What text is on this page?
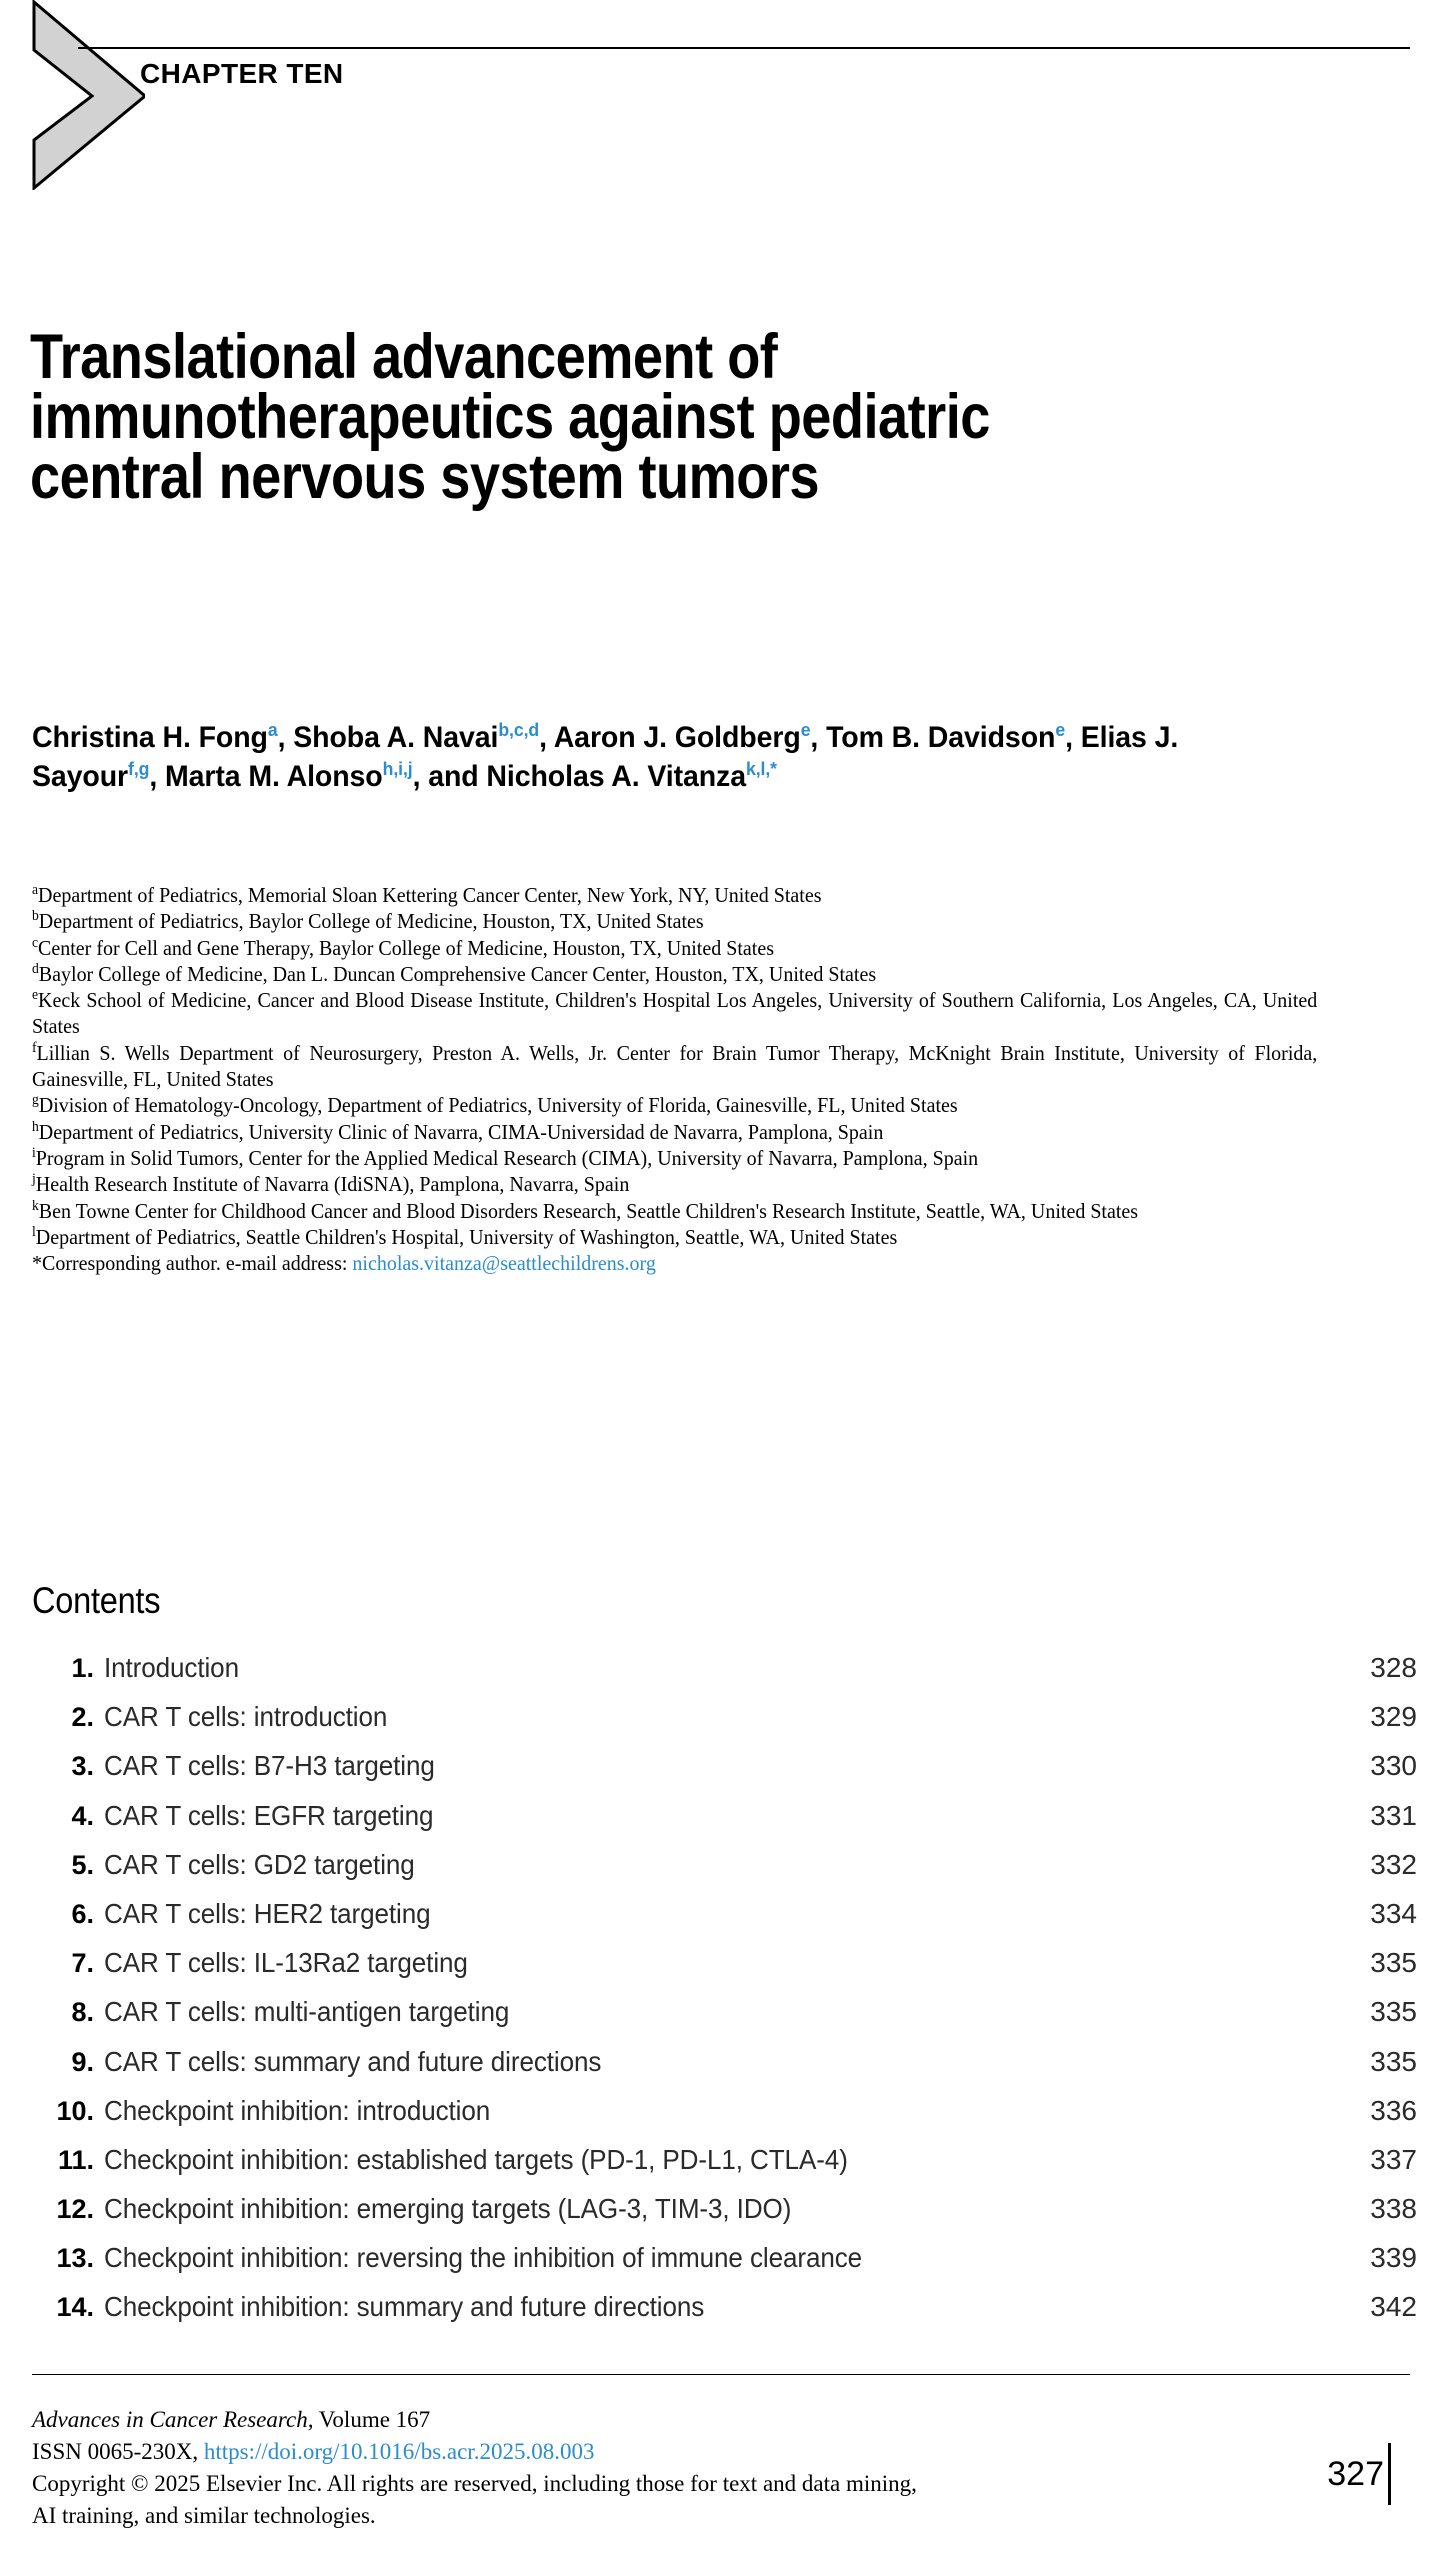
CHAPTER TEN
Translational advancement of immunotherapeutics against pediatric central nervous system tumors
Christina H. Fong$^a$, Shoba A. Navai$^{b,c,d}$, Aaron J. Goldberg$^e$, Tom B. Davidson$^e$, Elias J. Sayour$^{f,g}$, Marta M. Alonso$^{h,i,j}$, and Nicholas A. Vitanza$^{k,l,*}$
$^a$Department of Pediatrics, Memorial Sloan Kettering Cancer Center, New York, NY, United States
$^b$Department of Pediatrics, Baylor College of Medicine, Houston, TX, United States
$^c$Center for Cell and Gene Therapy, Baylor College of Medicine, Houston, TX, United States
$^d$Baylor College of Medicine, Dan L. Duncan Comprehensive Cancer Center, Houston, TX, United States
$^e$Keck School of Medicine, Cancer and Blood Disease Institute, Children's Hospital Los Angeles, University of Southern California, Los Angeles, CA, United States
$^f$Lillian S. Wells Department of Neurosurgery, Preston A. Wells, Jr. Center for Brain Tumor Therapy, McKnight Brain Institute, University of Florida, Gainesville, FL, United States
$^g$Division of Hematology-Oncology, Department of Pediatrics, University of Florida, Gainesville, FL, United States
$^h$Department of Pediatrics, University Clinic of Navarra, CIMA-Universidad de Navarra, Pamplona, Spain
$^i$Program in Solid Tumors, Center for the Applied Medical Research (CIMA), University of Navarra, Pamplona, Spain
$^j$Health Research Institute of Navarra (IdiSNA), Pamplona, Navarra, Spain
$^k$Ben Towne Center for Childhood Cancer and Blood Disorders Research, Seattle Children's Research Institute, Seattle, WA, United States
$^l$Department of Pediatrics, Seattle Children's Hospital, University of Washington, Seattle, WA, United States
*Corresponding author. e-mail address: nicholas.vitanza@seattlechildrens.org
Contents
1. Introduction	328
2. CAR T cells: introduction	329
3. CAR T cells: B7-H3 targeting	330
4. CAR T cells: EGFR targeting	331
5. CAR T cells: GD2 targeting	332
6. CAR T cells: HER2 targeting	334
7. CAR T cells: IL-13Ra2 targeting	335
8. CAR T cells: multi-antigen targeting	335
9. CAR T cells: summary and future directions	335
10. Checkpoint inhibition: introduction	336
11. Checkpoint inhibition: established targets (PD-1, PD-L1, CTLA-4)	337
12. Checkpoint inhibition: emerging targets (LAG-3, TIM-3, IDO)	338
13. Checkpoint inhibition: reversing the inhibition of immune clearance	339
14. Checkpoint inhibition: summary and future directions	342
Advances in Cancer Research, Volume 167
ISSN 0065-230X, https://doi.org/10.1016/bs.acr.2025.08.003
Copyright © 2025 Elsevier Inc. All rights are reserved, including those for text and data mining,
AI training, and similar technologies.
327
